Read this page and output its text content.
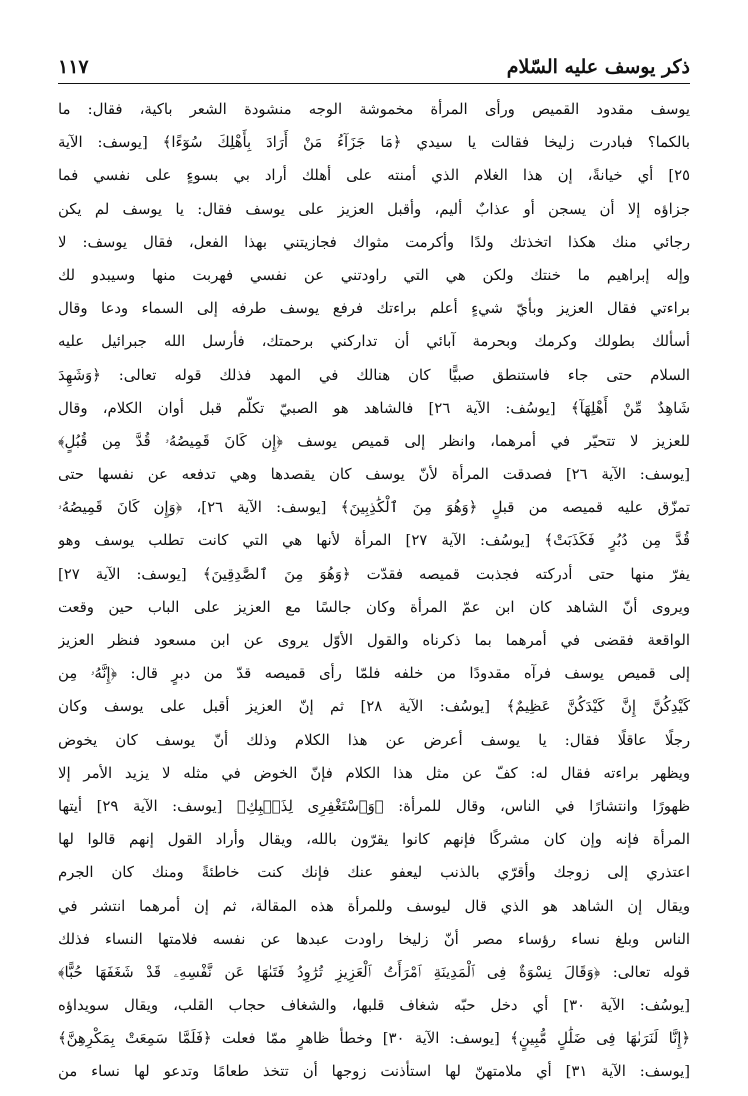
ذكر يوسف عليه السّلام
١١٧
يوسف مقدود القميص ورأى المرأة مخموشة الوجه منشودة الشعر باكية، فقال: ما
بالكما؟ فبادرت زليخا فقالت يا سيدي ﴿مَا جَزَآءُ مَنْ أَرَادَ بِأَهْلِكَ سُوٓءًا﴾ [يوسف: الآية
٢٥] أي خيانةً، إن هذا الغلام الذي أمنته على أهلك أراد بي بسوءٍ على نفسي فما
جزاؤه إلا أن يسجن أو عذابٌ أليم، وأقبل العزيز على يوسف فقال: يا يوسف لم يكن
رجائي منك هكذا اتخذتك ولدًا وأكرمت مثواك فجازيتني بهذا الفعل، فقال يوسف: لا
وإله إبراهيم ما خنتك ولكن هي التي راودتني عن نفسي فهربت منها وسيبدو لك
براءتي فقال العزيز وبأيّ شيءٍ أعلم براءتك فرفع يوسف طرفه إلى السماء ودعا وقال
أسألك بطولك وكرمك وبحرمة آبائي أن تداركني برحمتك، فأرسل الله جبرائيل عليه
السلام حتى جاء فاستنطق صبيًّا كان هنالك في المهد فذلك قوله تعالى: ﴿وَشَهِدَ
شَاهِدٌ مِّنْ أَهْلِهَآ﴾ [يوسُف: الآية ٢٦] فالشاهد هو الصبيّ تكلّم قبل أوان الكلام، وقال
للعزيز لا تتحيّر في أمرهما، وانظر إلى قميص يوسف ﴿إِن كَانَ قَمِيصُهُۥ قُدَّ مِن قُبُلٍ﴾
[يوسف: الآية ٢٦] فصدقت المرأة لأنّ يوسف كان يقصدها وهي تدفعه عن نفسها حتى
تمزّق عليه قميصه من قبلٍ ﴿وَهُوَ مِنَ ٱلْكَٰذِبِينَ﴾ [يوسف: الآية ٢٦]، ﴿وَإِن كَانَ قَمِيصُهُۥ
قُدَّ مِن دُبُرٍ فَكَذَبَتْ﴾ [يوسُف: الآية ٢٧] المرأة لأنها هي التي كانت تطلب يوسف وهو
يفرّ منها حتى أدركته فجذبت قميصه فقدّت ﴿وَهُوَ مِنَ ٱلصَّٰدِقِينَ﴾ [يوسف: الآية ٢٧]
ويروى أنّ الشاهد كان ابن عمّ المرأة وكان جالسًا مع العزيز على الباب حين وقعت
الواقعة فقضى في أمرهما بما ذكرناه والقول الأوّل يروى عن ابن مسعود فنظر العزيز
إلى قميص يوسف فرآه مقدودًا من خلفه فلمّا رأى قميصه قدّ من دبرٍ قال: ﴿إِنَّهُۥ مِن
كَيْدِكُنَّ إِنَّ كَيْدَكُنَّ عَظِيمٌ﴾ [يوسُف: الآية ٢٨] ثم إنّ العزيز أقبل على يوسف وكان
رجلًا عاقلًا فقال: يا يوسف أعرض عن هذا الكلام وذلك أنّ يوسف كان يخوض
ويظهر براءته فقال له: كفّ عن مثل هذا الكلام فإنّ الخوض في مثله لا يزيد الأمر إلا
ظهورًا وانتشارًا في الناس، وقال للمرأة: ﴿وَٱسْتَغْفِرِى لِذَنۢبِكِ﴾ [يوسف: الآية ٢٩] أيتها
المرأة فإنه وإن كان مشركًا فإنهم كانوا يقرّون بالله، ويقال وأراد القول إنهم قالوا لها
اعتذري إلى زوجك وأقرّي بالذنب ليعفو عنك فإنك كنت خاطئةً ومنك كان الجرم
ويقال إن الشاهد هو الذي قال ليوسف وللمرأة هذه المقالة، ثم إن أمرهما انتشر في
الناس وبلغ نساء رؤساء مصر أنّ زليخا راودت عبدها عن نفسه فلامتها النساء فذلك
قوله تعالى: ﴿وَقَالَ نِسْوَةٌ فِى ٱلْمَدِينَةِ ٱمْرَأَتُ ٱلْعَزِيزِ تُرَٰوِدُ فَتَىٰهَا عَن نَّفْسِهِۦ قَدْ شَغَفَهَا حُبًّا﴾
[يوسُف: الآية ٣٠] أي دخل حبّه شغاف قلبها، والشغاف حجاب القلب، ويقال سويداؤه
﴿إِنَّا لَنَرَىٰهَا فِى ضَلَٰلٍ مُّبِينٍ﴾ [يوسف: الآية ٣٠] وخطأ ظاهرٍ ممّا فعلت ﴿فَلَمَّا سَمِعَتْ بِمَكْرِهِنَّ﴾
[يوسف: الآية ٣١] أي ملامتهنّ لها استأذنت زوجها أن تتخذ طعامًا وتدعو لها نساء من
